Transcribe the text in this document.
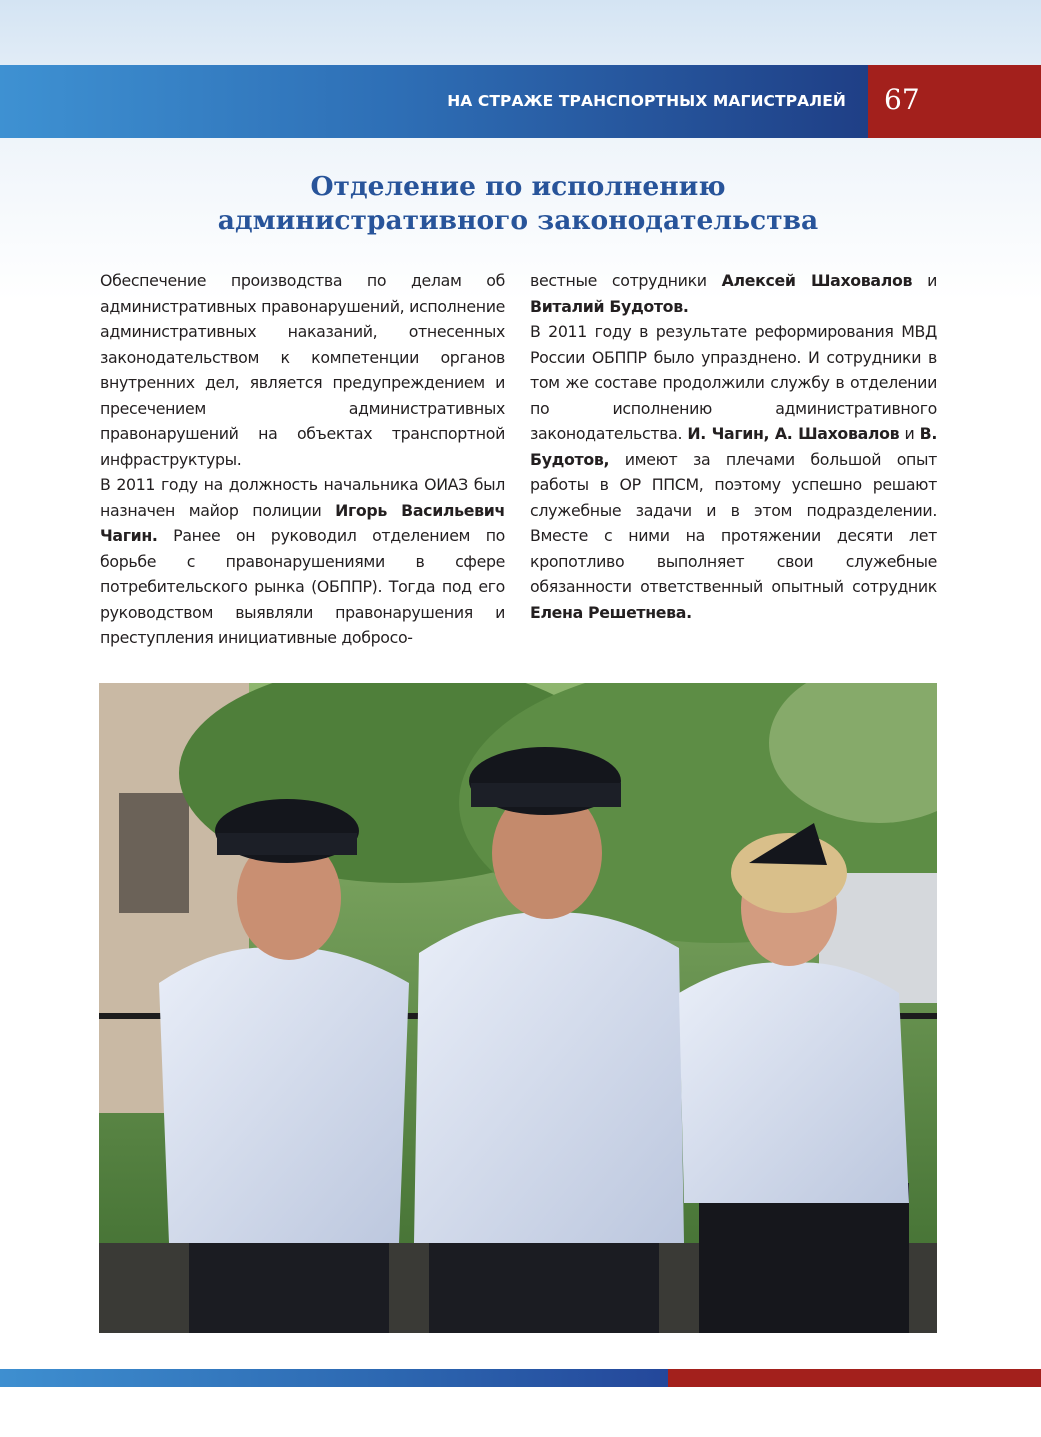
НА СТРАЖЕ ТРАНСПОРТНЫХ МАГИСТРАЛЕЙ 67
Отделение по исполнению
административного законодательства

Обеспечение производства по делам об административных правонарушений, исполнение административных наказаний, отнесенных законодательством к компетенции органов внутренних дел, является предупреждением и пресечением административных правонарушений на объектах транспортной инфраструктуры.

В 2011 году на должность начальника ОИАЗ был назначен майор полиции Игорь Васильевич Чагин. Ранее он руководил отделением по борьбе с правонарушениями в сфере потребительского рынка (ОБППР). Тогда под его руководством выявляли правонарушения и преступления инициативные добросо-

вестные сотрудники Алексей Шаховалов и Виталий Будотов.

В 2011 году в результате реформирования МВД России ОБППР было упразднено. И сотрудники в том же составе продолжили службу в отделении по исполнению административного законодательства. И. Чагин, А. Шаховалов и В. Будотов, имеют за плечами большой опыт работы в ОР ППСМ, поэтому успешно решают служебные задачи и в этом подразделении. Вместе с ними на протяжении десяти лет кропотливо выполняет свои служебные обязанности ответственный опытный сотрудник Елена Решетнева.
